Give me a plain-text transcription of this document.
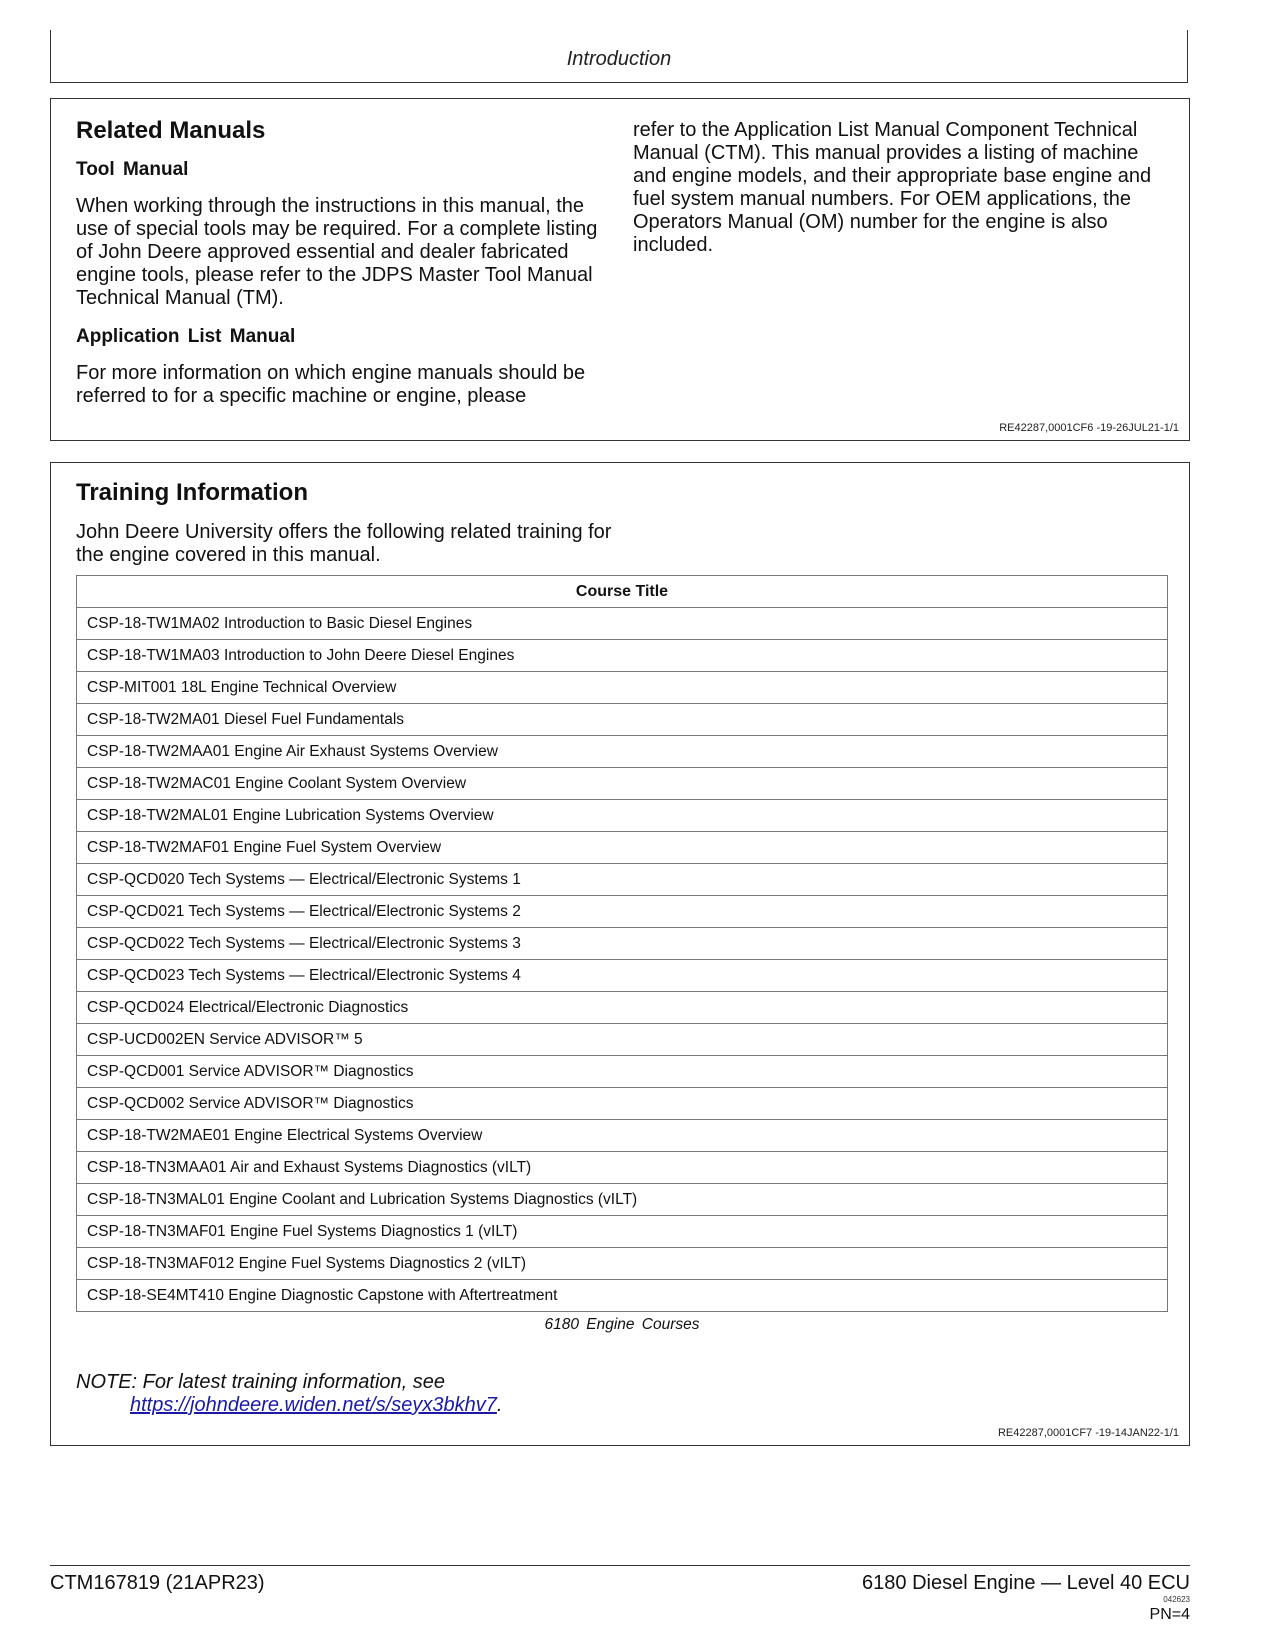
Introduction
Related Manuals
Tool Manual

When working through the instructions in this manual, the use of special tools may be required. For a complete listing of John Deere approved essential and dealer fabricated engine tools, please refer to the JDPS Master Tool Manual Technical Manual (TM).

Application List Manual

For more information on which engine manuals should be referred to for a specific machine or engine, please

refer to the Application List Manual Component Technical Manual (CTM). This manual provides a listing of machine and engine models, and their appropriate base engine and fuel system manual numbers. For OEM applications, the Operators Manual (OM) number for the engine is also included.

RE42287,0001CF6 -19-26JUL21-1/1
Training Information

John Deere University offers the following related training for the engine covered in this manual.

Course Title
CSP-18-TW1MA02 Introduction to Basic Diesel Engines
CSP-18-TW1MA03 Introduction to John Deere Diesel Engines
CSP-MIT001 18L Engine Technical Overview
CSP-18-TW2MA01 Diesel Fuel Fundamentals
CSP-18-TW2MAA01 Engine Air Exhaust Systems Overview
CSP-18-TW2MAC01 Engine Coolant System Overview
CSP-18-TW2MAL01 Engine Lubrication Systems Overview
CSP-18-TW2MAF01 Engine Fuel System Overview
CSP-QCD020 Tech Systems — Electrical/Electronic Systems 1
CSP-QCD021 Tech Systems — Electrical/Electronic Systems 2
CSP-QCD022 Tech Systems — Electrical/Electronic Systems 3
CSP-QCD023 Tech Systems — Electrical/Electronic Systems 4
CSP-QCD024 Electrical/Electronic Diagnostics
CSP-UCD002EN Service ADVISOR™ 5
CSP-QCD001 Service ADVISOR™ Diagnostics
CSP-QCD002 Service ADVISOR™ Diagnostics
CSP-18-TW2MAE01 Engine Electrical Systems Overview
CSP-18-TN3MAA01 Air and Exhaust Systems Diagnostics (vILT)
CSP-18-TN3MAL01 Engine Coolant and Lubrication Systems Diagnostics (vILT)
CSP-18-TN3MAF01 Engine Fuel Systems Diagnostics 1 (vILT)
CSP-18-TN3MAF012 Engine Fuel Systems Diagnostics 2 (vILT)
CSP-18-SE4MT410 Engine Diagnostic Capstone with Aftertreatment
6180 Engine Courses
NOTE: For latest training information, see
https://johndeere.widen.net/s/seyx3bkhv7.
RE42287,0001CF7 -19-14JAN22-1/1
CTM167819 (21APR23)	6180 Diesel Engine — Level 40 ECU
042623
PN=4
